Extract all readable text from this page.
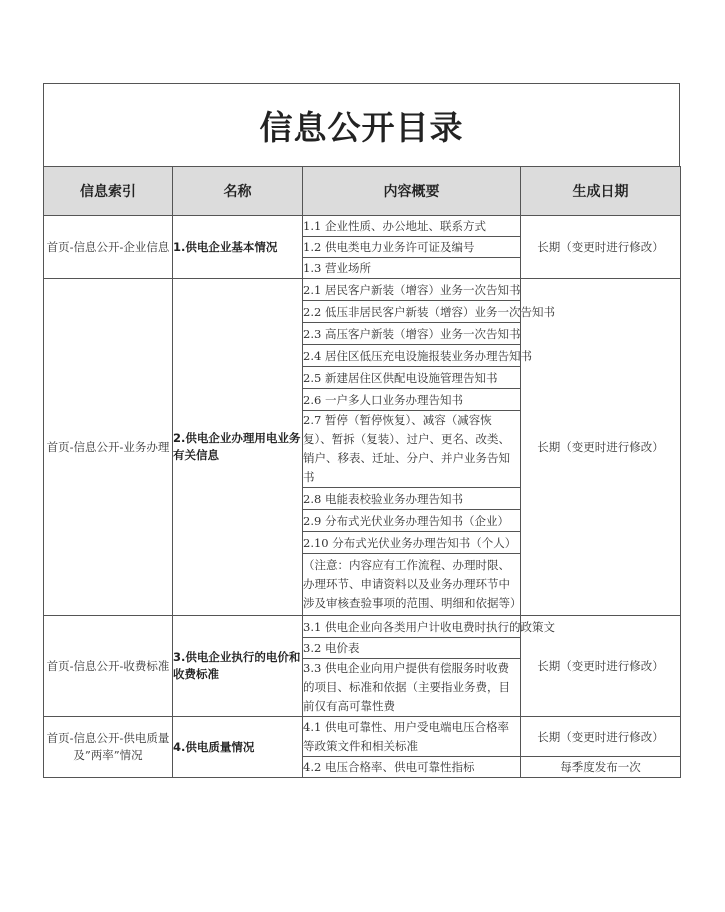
信息公开目录
信息索引	名称	内容概要	生成日期
首页-信息公开-企业信息	1.供电企业基本情况	1.1 企业性质、办公地址、联系方式	长期（变更时进行修改）
		1.2 供电类电力业务许可证及编号	
		1.3 营业场所	
首页-信息公开-业务办理	2.供电企业办理用电业务有关信息	2.1 居民客户新装（增容）业务一次告知书	长期（变更时进行修改）
		2.2 低压非居民客户新装（增容）业务一次告知书	
		2.3 高压客户新装（增容）业务一次告知书	
		2.4 居住区低压充电设施报装业务办理告知书	
		2.5 新建居住区供配电设施管理告知书	
		2.6 一户多人口业务办理告知书	
		2.7 暂停（暂停恢复）、减容（减容恢复）、暂拆（复装）、过户、更名、改类、销户、移表、迁址、分户、并户业务告知书	
		2.8 电能表校验业务办理告知书	
		2.9 分布式光伏业务办理告知书（企业）	
		2.10 分布式光伏业务办理告知书（个人）	
		（注意：内容应有工作流程、办理时限、办理环节、申请资料以及业务办理环节中涉及审核查验事项的范围、明细和依据等）	
首页-信息公开-收费标准	3.供电企业执行的电价和收费标准	3.1 供电企业向各类用户计收电费时执行的政策文	长期（变更时进行修改）
		3.2 电价表	
		3.3 供电企业向用户提供有偿服务时收费的项目、标准和依据（主要指业务费，目前仅有高可靠性费	
首页-信息公开-供电质量及”两率”情况	4.供电质量情况	4.1 供电可靠性、用户受电端电压合格率等政策文件和相关标准	长期（变更时进行修改）
		4.2 电压合格率、供电可靠性指标	每季度发布一次
